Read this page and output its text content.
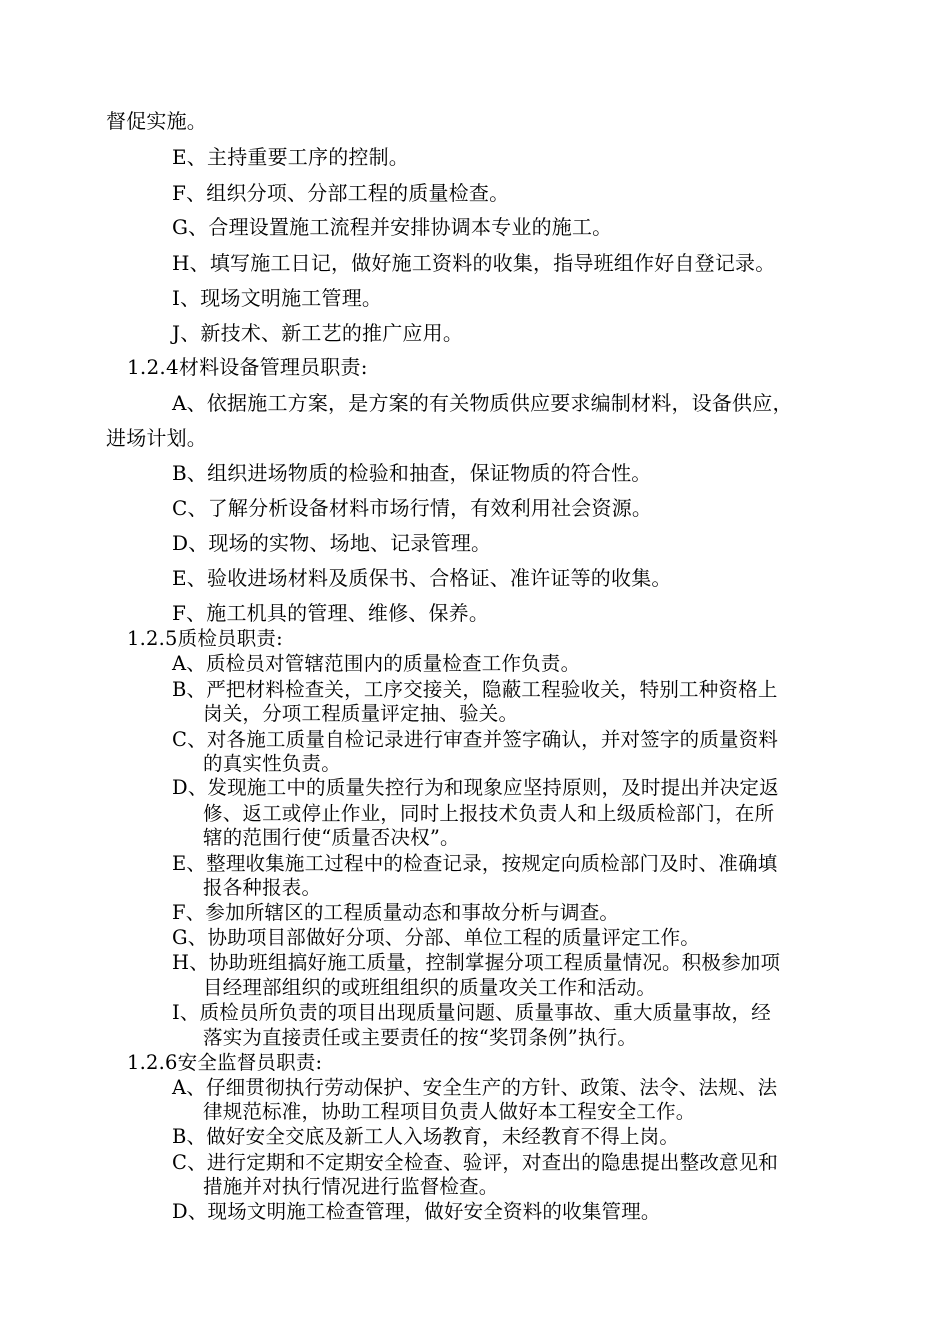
督促实施。

E、主持重要工序的控制。

F、组织分项、分部工程的质量检查。

G、合理设置施工流程并安排协调本专业的施工。

H、填写施工日记，做好施工资料的收集，指导班组作好自登记录。

I、现场文明施工管理。

J、新技术、新工艺的推广应用。

1.2.4材料设备管理员职责:

A、依据施工方案，是方案的有关物质供应要求编制材料，设备供应，

进场计划。

B、组织进场物质的检验和抽查，保证物质的符合性。

C、了解分析设备材料市场行情，有效利用社会资源。

D、现场的实物、场地、记录管理。

E、验收进场材料及质保书、合格证、准许证等的收集。

F、施工机具的管理、维修、保养。

1.2.5质检员职责:

A、质检员对管辖范围内的质量检查工作负责。

B、严把材料检查关，工序交接关，隐蔽工程验收关，特别工种资格上

岗关，分项工程质量评定抽、验关。

C、对各施工质量自检记录进行审查并签字确认，并对签字的质量资料

的真实性负责。

D、发现施工中的质量失控行为和现象应坚持原则，及时提出并决定返

修、返工或停止作业，同时上报技术负责人和上级质检部门，在所

辖的范围行使“质量否决权”。

E、整理收集施工过程中的检查记录，按规定向质检部门及时、准确填

报各种报表。

F、参加所辖区的工程质量动态和事故分析与调查。

G、协助项目部做好分项、分部、单位工程的质量评定工作。

H、协助班组搞好施工质量，控制掌握分项工程质量情况。积极参加项

目经理部组织的或班组组织的质量攻关工作和活动。

I、质检员所负责的项目出现质量问题、质量事故、重大质量事故，经

落实为直接责任或主要责任的按“奖罚条例”执行。

1.2.6安全监督员职责:

A、仔细贯彻执行劳动保护、安全生产的方针、政策、法令、法规、法

律规范标准，协助工程项目负责人做好本工程安全工作。

B、做好安全交底及新工人入场教育，未经教育不得上岗。

C、进行定期和不定期安全检查、验评，对查出的隐患提出整改意见和

措施并对执行情况进行监督检查。

D、现场文明施工检查管理，做好安全资料的收集管理。
